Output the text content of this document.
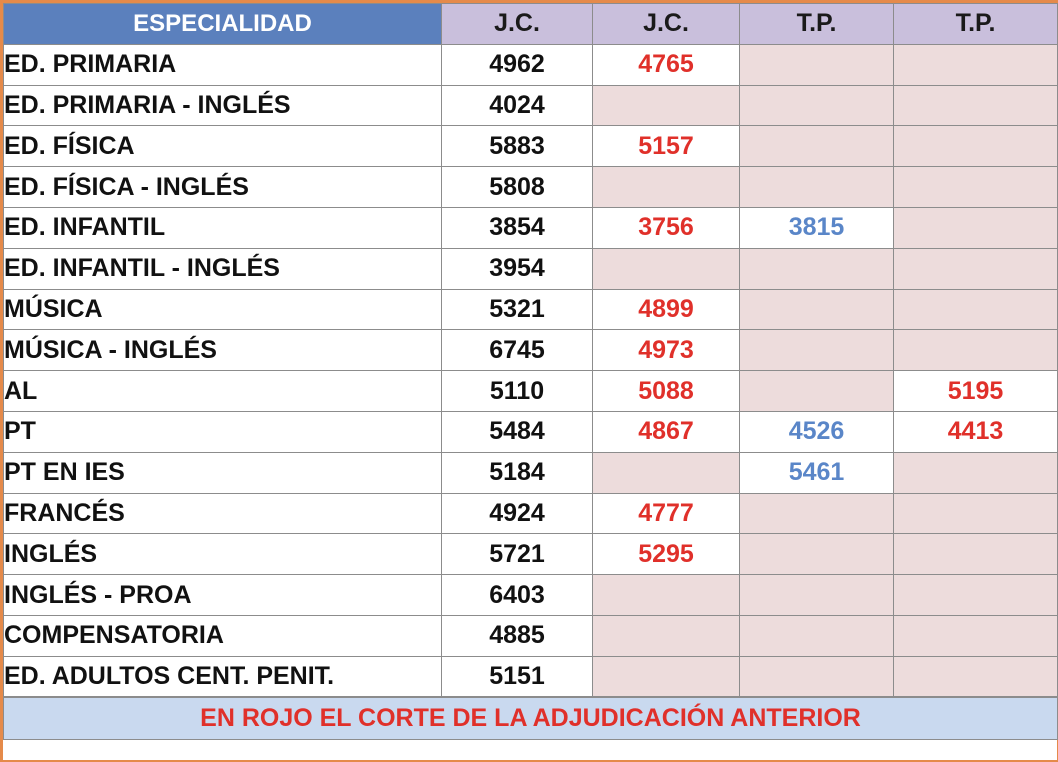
ESPECIALIDAD	J.C.	J.C.	T.P.	T.P.
ED. PRIMARIA	4962	4765		
ED. PRIMARIA - INGLÉS	4024			
ED. FÍSICA	5883	5157		
ED. FÍSICA - INGLÉS	5808			
ED. INFANTIL	3854	3756	3815	
ED. INFANTIL - INGLÉS	3954			
MÚSICA	5321	4899		
MÚSICA - INGLÉS	6745	4973		
AL	5110	5088		5195
PT	5484	4867	4526	4413
PT EN IES	5184		5461	
FRANCÉS	4924	4777		
INGLÉS	5721	5295		
INGLÉS - PROA	6403			
COMPENSATORIA	4885			
ED. ADULTOS CENT. PENIT.	5151			
EN ROJO EL CORTE DE LA ADJUDICACIÓN ANTERIOR				
